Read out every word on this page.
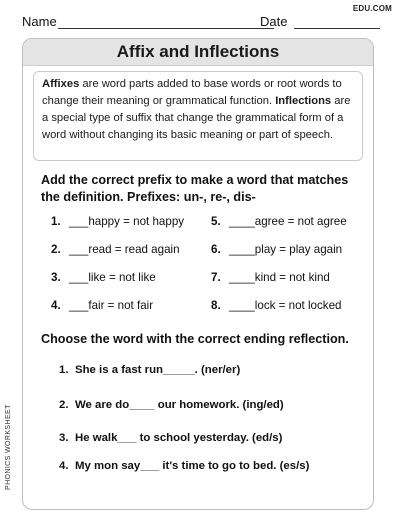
EDU.COM
Name	Date
Affix and Inflections
Affixes are word parts added to base words or root words to change their meaning or grammatical function. Inflections are a special type of suffix that change the grammatical form of a word without changing its basic meaning or part of speech.
Add the correct prefix to make a word that matches the definition. Prefixes: un-, re-, dis-
1. ___happy = not happy
2. ___read = read again
3. ___like = not like
4. ___fair = not fair
5. ____agree = not agree
6. ____play = play again
7. ____kind = not kind
8. ____lock = not locked
Choose the word with the correct ending reflection.
1. She is a fast run_____. (ner/er)
2. We are do____ our homework. (ing/ed)
3. He walk___ to school yesterday. (ed/s)
4. My mon say___ it's time to go to bed. (es/s)
PHONICS WORKSHEET
